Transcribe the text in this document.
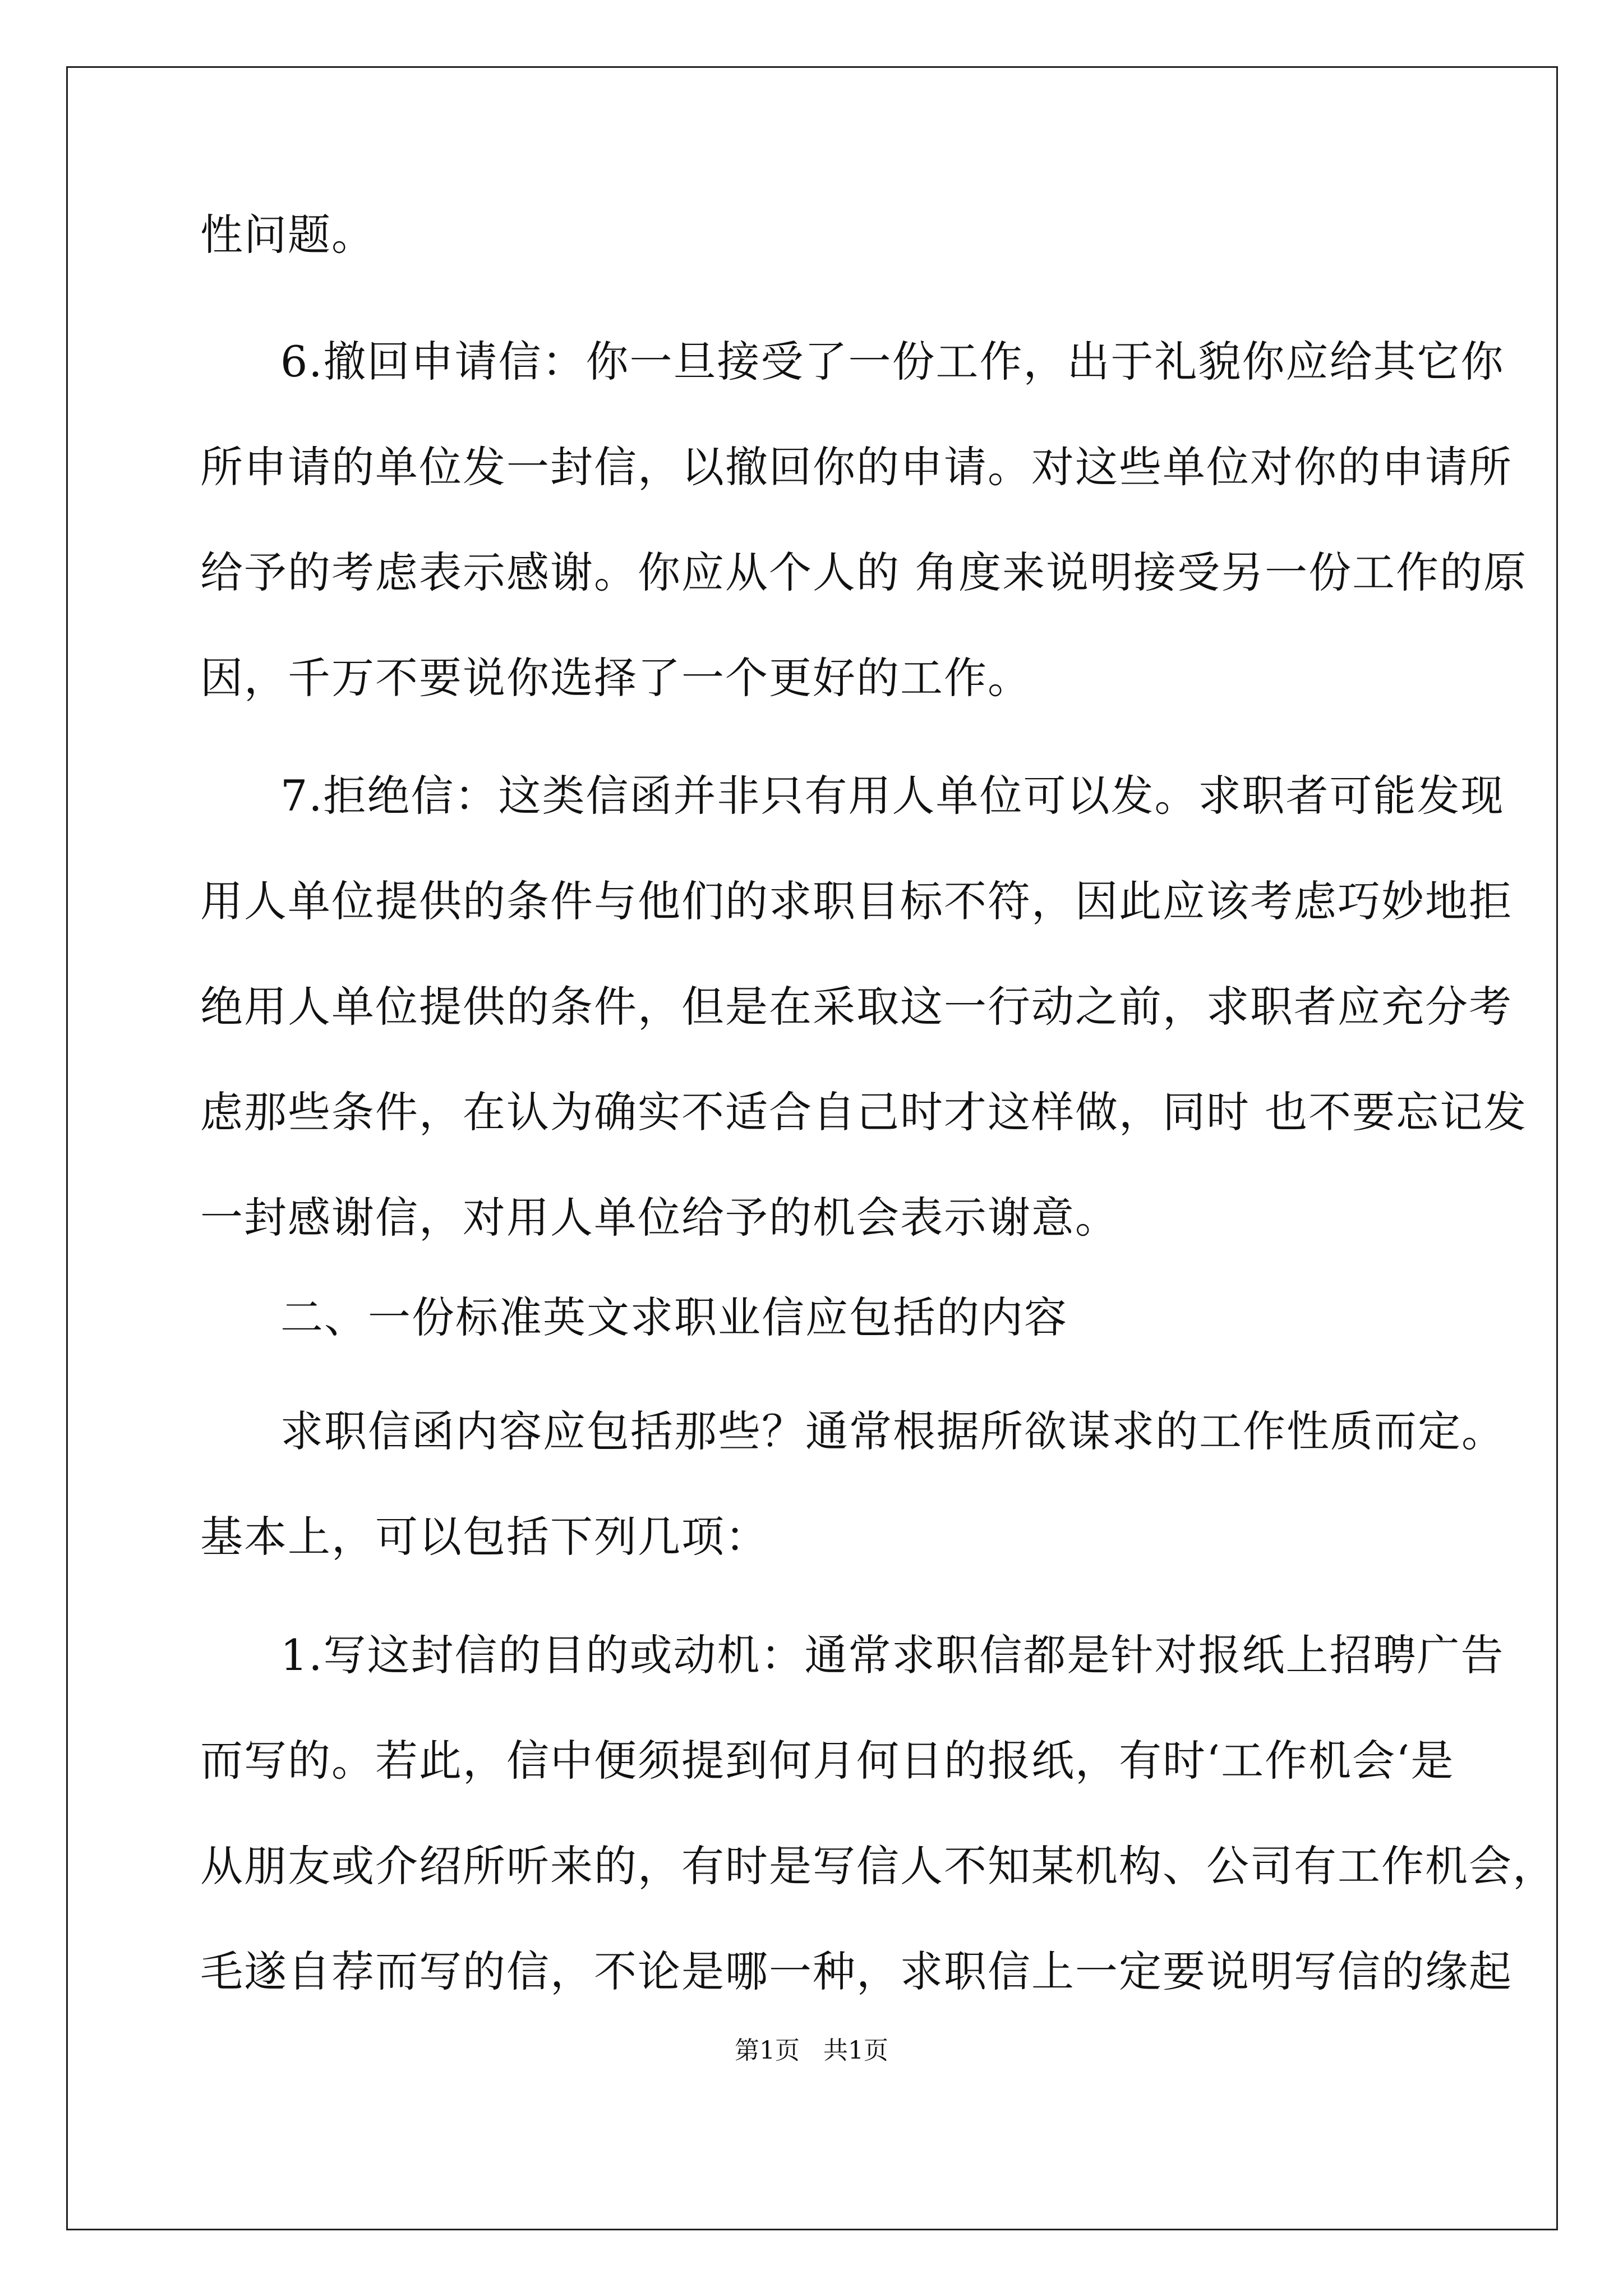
性问题。
6.撤回申请信：你一旦接受了一份工作，出于礼貌你应给其它你
所申请的单位发一封信，以撤回你的申请。对这些单位对你的申请所
给予的考虑表示感谢。你应从个人的 角度来说明接受另一份工作的原
因，千万不要说你选择了一个更好的工作。
7.拒绝信：这类信函并非只有用人单位可以发。求职者可能发现
用人单位提供的条件与他们的求职目标不符，因此应该考虑巧妙地拒
绝用人单位提供的条件，但是在采取这一行动之前，求职者应充分考
虑那些条件，在认为确实不适合自己时才这样做，同时 也不要忘记发
一封感谢信，对用人单位给予的机会表示谢意。
二、一份标准英文求职业信应包括的内容
求职信函内容应包括那些？通常根据所欲谋求的工作性质而定。
基本上，可以包括下列几项：
1.写这封信的目的或动机：通常求职信都是针对报纸上招聘广告
而写的。若此，信中便须提到何月何日的报纸，有时‘工作机会‘是
从朋友或介绍所听来的，有时是写信人不知某机构、公司有工作机会，
毛遂自荐而写的信，不论是哪一种，求职信上一定要说明写信的缘起
第1页   共1页
